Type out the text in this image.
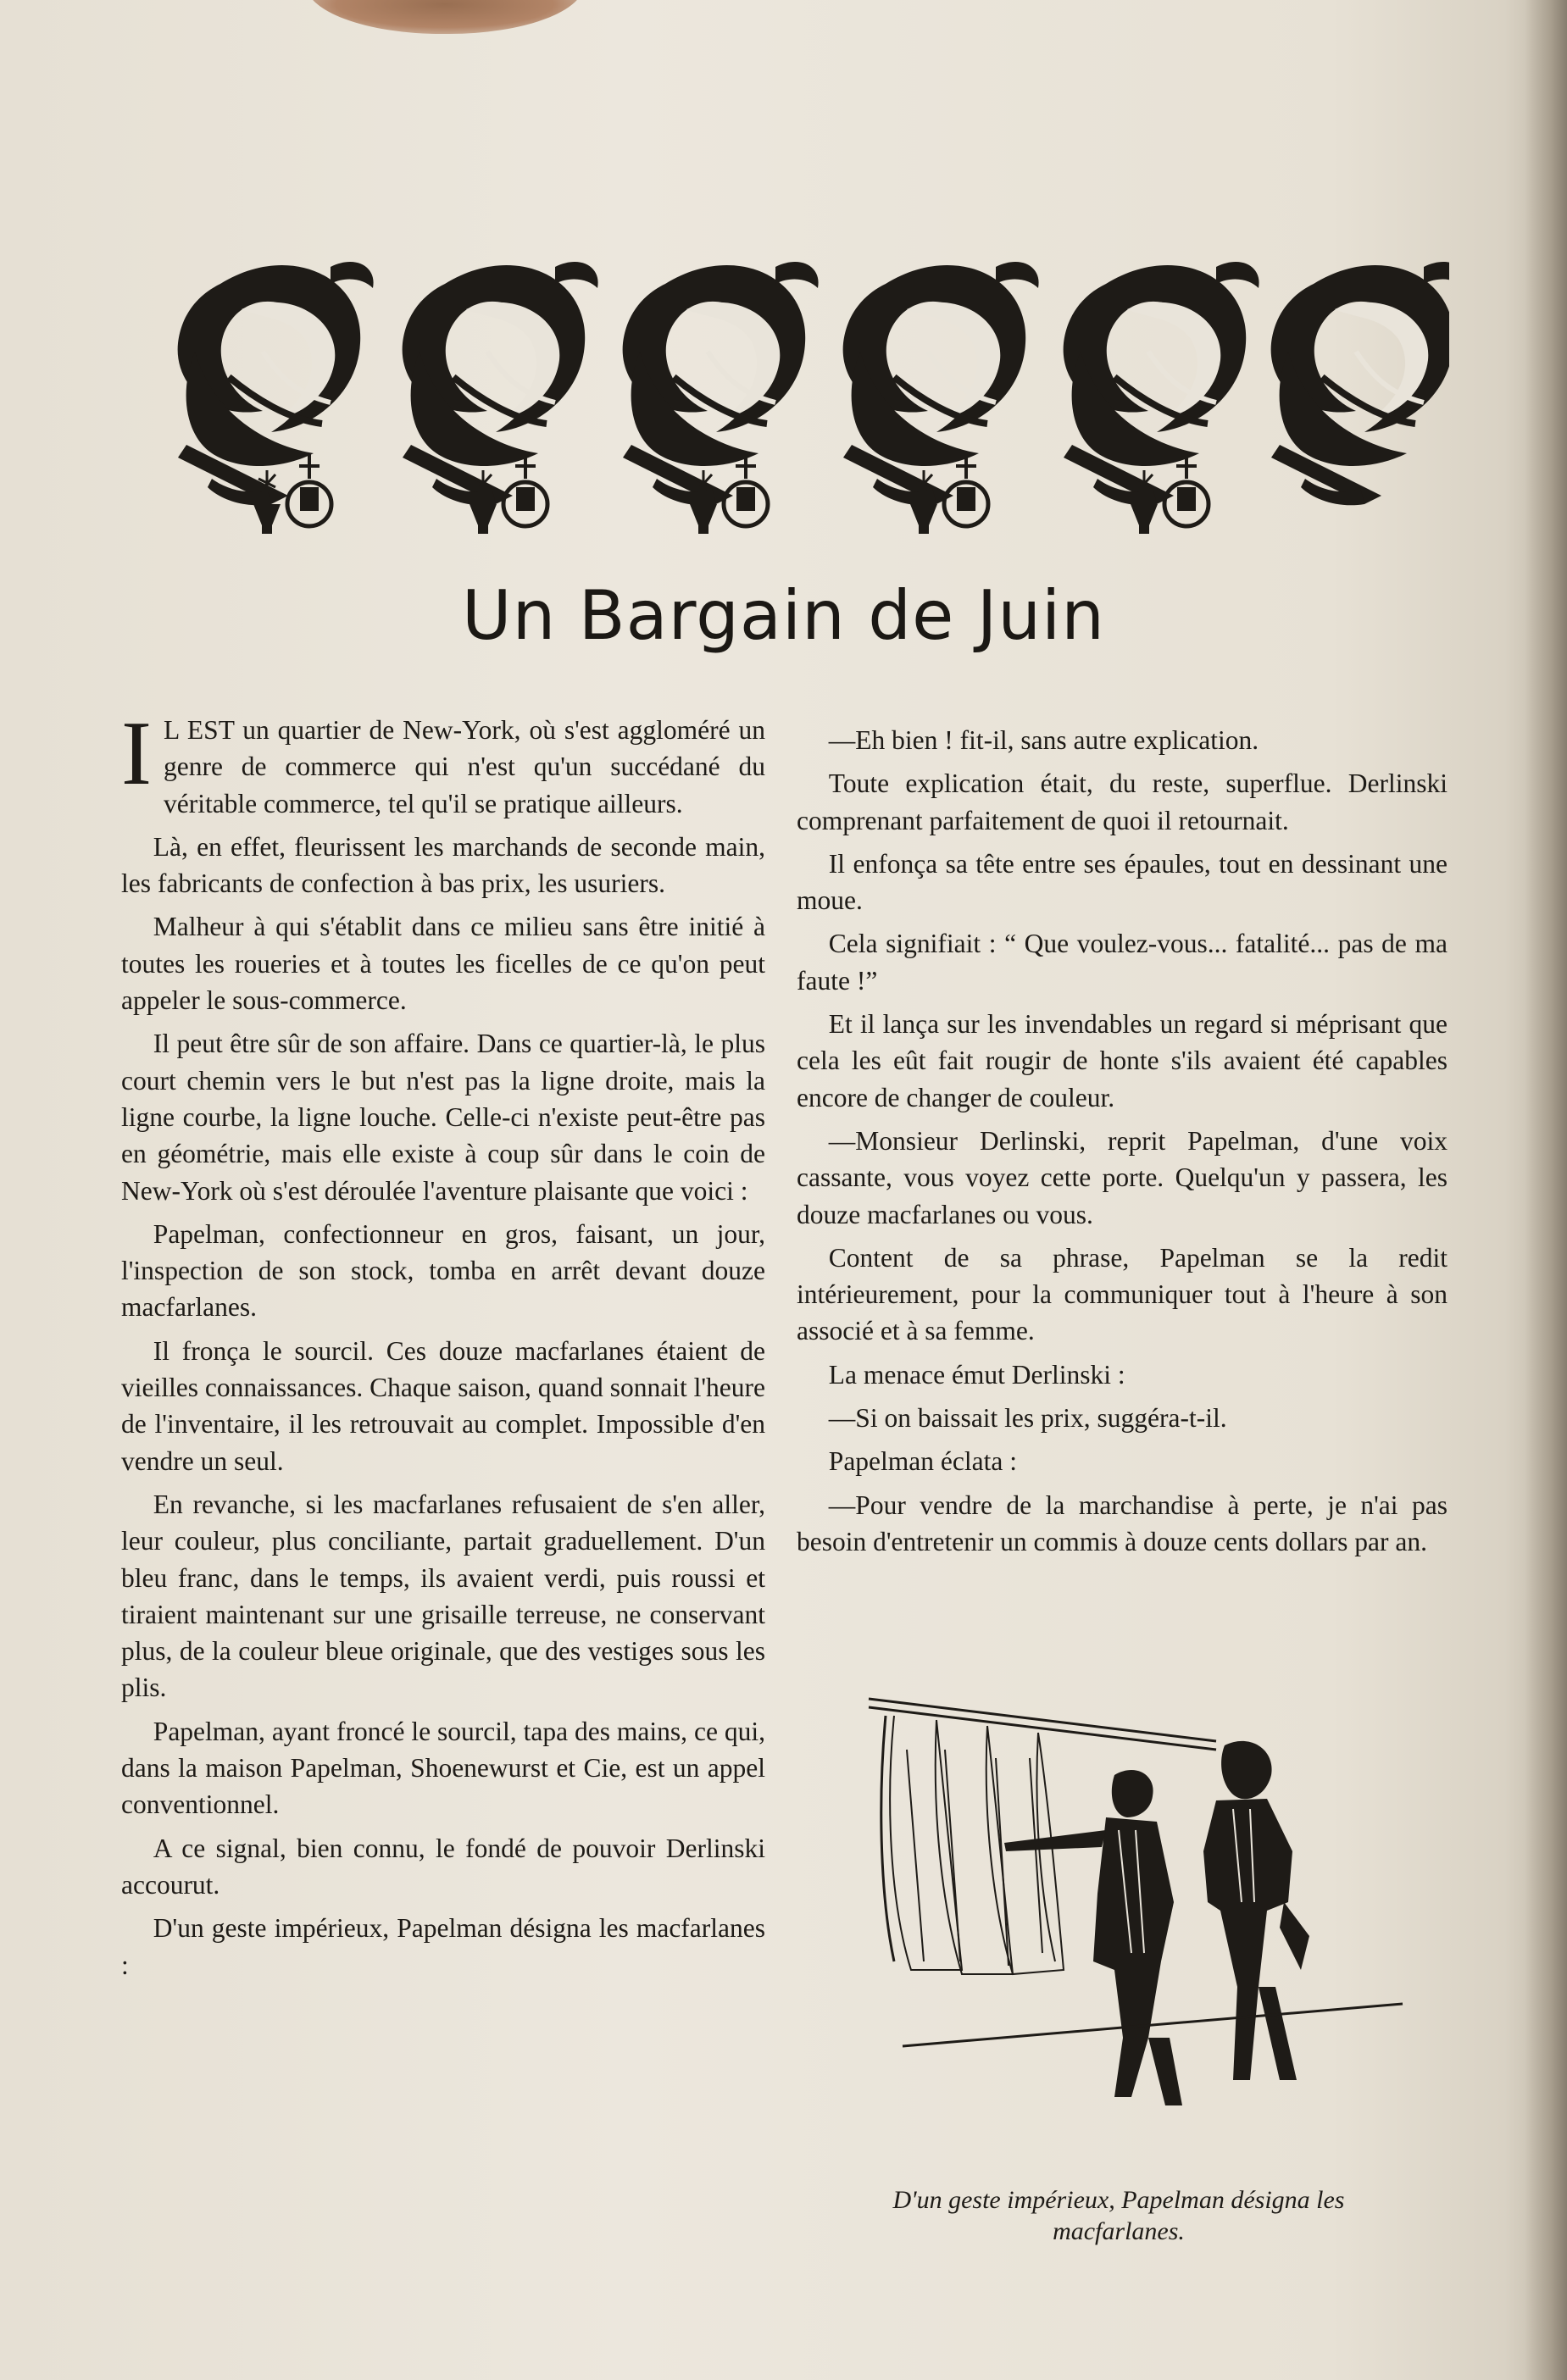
Un Bargain de Juin

I L EST un quartier de New-York, où s'est aggloméré un genre de commerce qui n'est qu'un succédané du véritable commerce, tel qu'il se pratique ailleurs.

Là, en effet, fleurissent les marchands de seconde main, les fabricants de confection à bas prix, les usuriers.

Malheur à qui s'établit dans ce milieu sans être initié à toutes les roueries et à toutes les ficelles de ce qu'on peut appeler le sous-commerce.

Il peut être sûr de son affaire. Dans ce quartier-là, le plus court chemin vers le but n'est pas la ligne droite, mais la ligne courbe, la ligne louche. Celle-ci n'existe peut-être pas en géométrie, mais elle existe à coup sûr dans le coin de New-York où s'est déroulée l'aventure plaisante que voici :

Papelman, confectionneur en gros, faisant, un jour, l'inspection de son stock, tomba en arrêt devant douze macfarlanes.

Il fronça le sourcil. Ces douze macfarlanes étaient de vieilles connaissances. Chaque saison, quand sonnait l'heure de l'inventaire, il les retrouvait au complet. Impossible d'en vendre un seul.

En revanche, si les macfarlanes refusaient de s'en aller, leur couleur, plus conciliante, partait graduellement. D'un bleu franc, dans le temps, ils avaient verdi, puis roussi et tiraient maintenant sur une grisaille terreuse, ne conservant plus, de la couleur bleue originale, que des vestiges sous les plis.

Papelman, ayant froncé le sourcil, tapa des mains, ce qui, dans la maison Papelman, Shoenewurst et Cie, est un appel conventionnel.

A ce signal, bien connu, le fondé de pouvoir Derlinski accourut.

D'un geste impérieux, Papelman désigna les macfarlanes :

—Eh bien ! fit-il, sans autre explication.

Toute explication était, du reste, superflue. Derlinski comprenant parfaitement de quoi il retournait.

Il enfonça sa tête entre ses épaules, tout en dessinant une moue.

Cela signifiait : “ Que voulez-vous... fatalité... pas de ma faute !”

Et il lança sur les invendables un regard si méprisant que cela les eût fait rougir de honte s'ils avaient été capables encore de changer de couleur.

—Monsieur Derlinski, reprit Papelman, d'une voix cassante, vous voyez cette porte. Quelqu'un y passera, les douze macfarlanes ou vous.

Content de sa phrase, Papelman se la redit intérieurement, pour la communiquer tout à l'heure à son associé et à sa femme.

La menace émut Derlinski :

—Si on baissait les prix, suggéra-t-il.

Papelman éclata :

—Pour vendre de la marchandise à perte, je n'ai pas besoin d'entretenir un commis à douze cents dollars par an.

D'un geste impérieux, Papelman désigna les
macfarlanes.
